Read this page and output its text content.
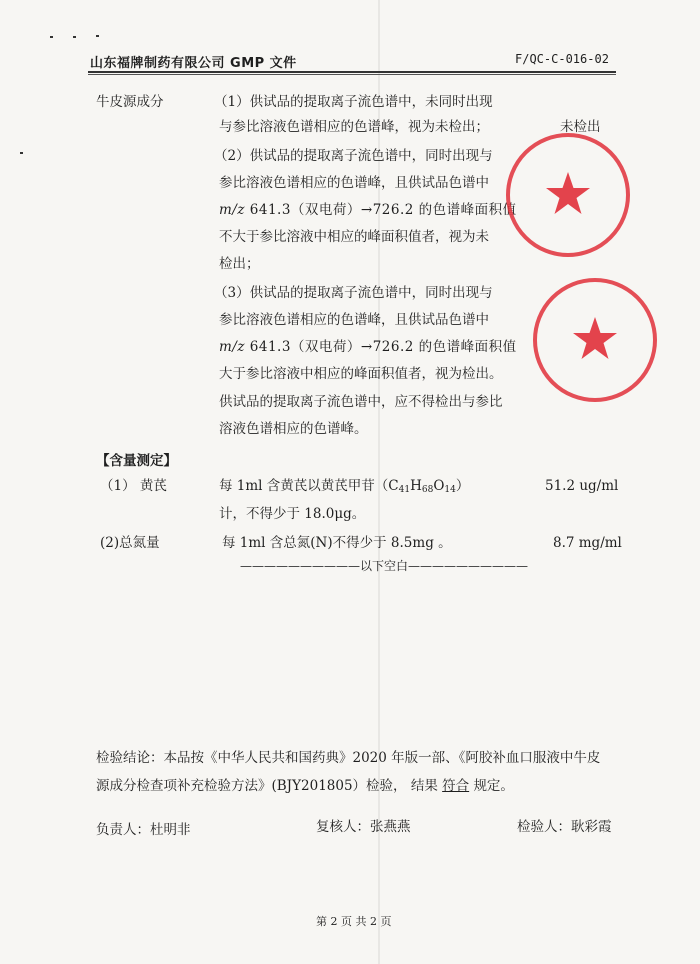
山东福牌制药有限公司 GMP 文件	F/QC-C-016-02
牛皮源成分	（1）供试品的提取离子流色谱中，未同时出现
与参比溶液色谱相应的色谱峰，视为未检出；	未检出
（2）供试品的提取离子流色谱中，同时出现与
参比溶液色谱相应的色谱峰，且供试品色谱中
m/z 641.3（双电荷）→726.2 的色谱峰面积值
不大于参比溶液中相应的峰面积值者，视为未
检出；
（3）供试品的提取离子流色谱中，同时出现与
参比溶液色谱相应的色谱峰，且供试品色谱中
m/z 641.3（双电荷）→726.2 的色谱峰面积值
大于参比溶液中相应的峰面积值者，视为检出。
供试品的提取离子流色谱中，应不得检出与参比
溶液色谱相应的色谱峰。
【含量测定】
（1） 黄芪	每 1ml 含黄芪以黄芪甲苷$(C_{41}H_{68}O_{14})$	51.2 ug/ml
计，不得少于 18.0μg。
(2)总氮量	每 1ml 含总氮(N)不得少于 8.5mg 。	8.7 mg/ml
——————————以下空白——————————
检验结论：本品按《中华人民共和国药典》2020 年版一部、《阿胶补血口服液中牛皮
源成分检查项补充检验方法》(BJY201805）检验， 结果 符合 规定。
负责人：杜明非	复核人：张燕燕	检验人：耿彩霞
第 2 页 共 2 页
